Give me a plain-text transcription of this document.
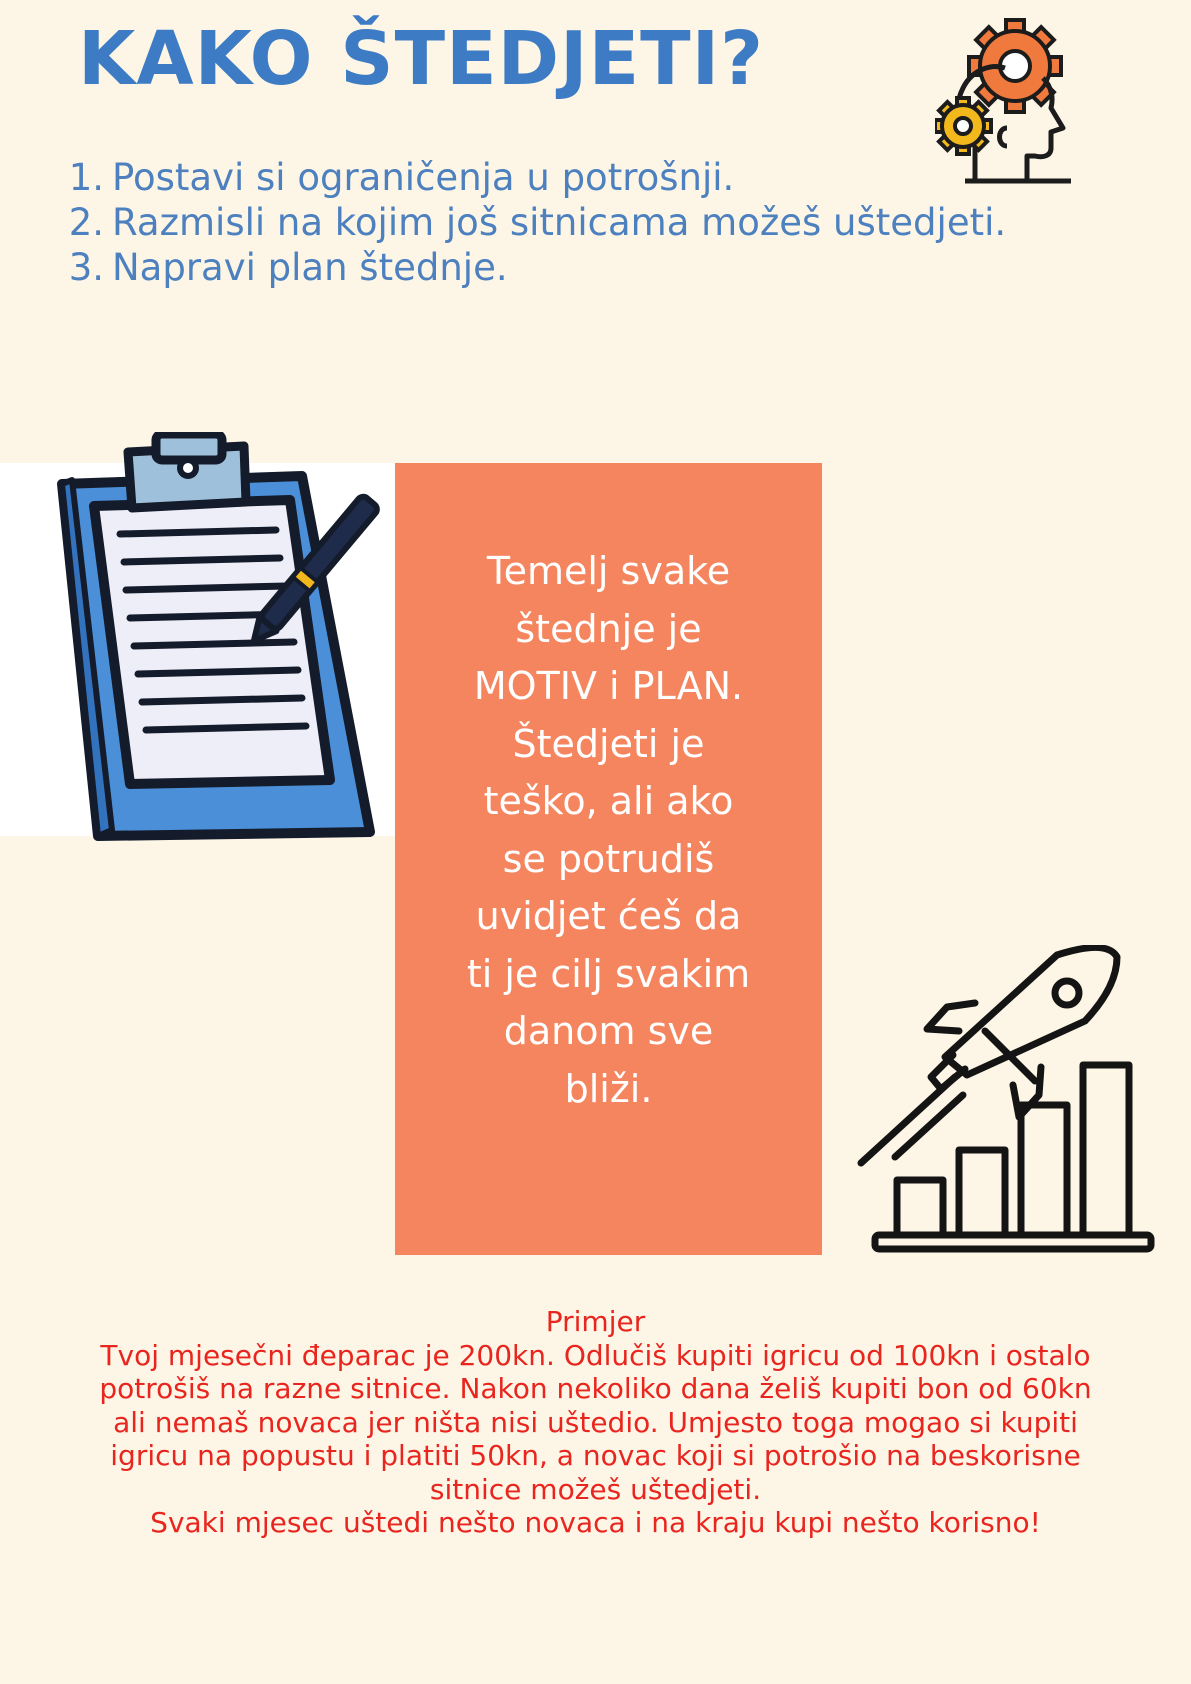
KAKO ŠTEDJETI?
1. Postavi si ograničenja u potrošnji.
2. Razmisli na kojim još sitnicama možeš uštedjeti.
3. Napravi plan štednje.

Temelj svake
štednje je
MOTIV i PLAN.
Štedjeti je
teško, ali ako
se potrudiš
uvidjet ćeš da
ti je cilj svakim
danom sve
bliži.

Primjer

Tvoj mjesečni đeparac je 200kn. Odlučiš kupiti igricu od 100kn i ostalo
potrošiš na razne sitnice. Nakon nekoliko dana želiš kupiti bon od 60kn
ali nemaš novaca jer ništa nisi uštedio. Umjesto toga mogao si kupiti
igricu na popustu i platiti 50kn, a novac koji si potrošio na beskorisne
sitnice možeš uštedjeti.

Svaki mjesec uštedi nešto novaca i na kraju kupi nešto korisno!
